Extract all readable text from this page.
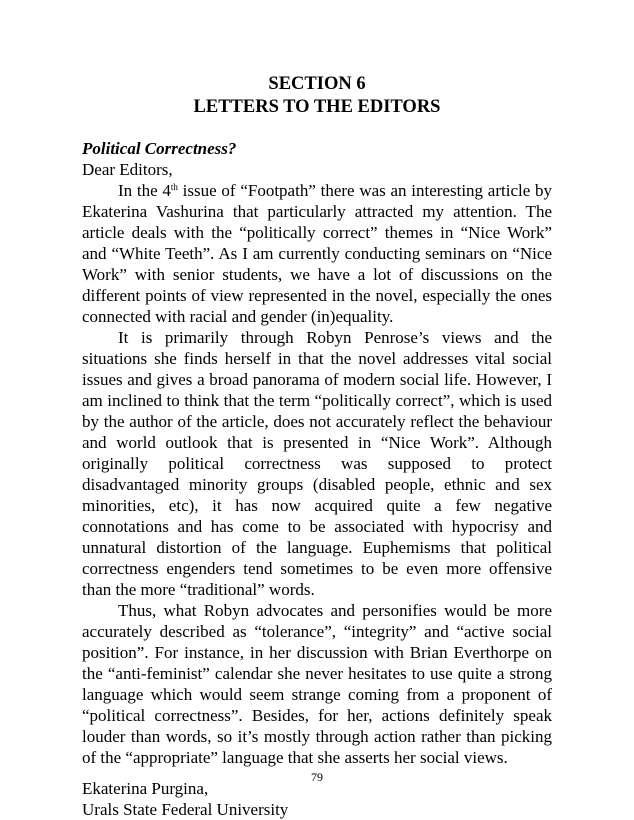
SECTION 6
LETTERS TO THE EDITORS

Political Correctness?

Dear Editors,

In the 4th issue of “Footpath” there was an interesting article by Ekaterina Vashurina that particularly attracted my attention. The article deals with the “politically correct” themes in “Nice Work” and “White Teeth”. As I am currently conducting seminars on “Nice Work” with senior students, we have a lot of discussions on the different points of view represented in the novel, especially the ones connected with racial and gender (in)equality.

It is primarily through Robyn Penrose’s views and the situations she finds herself in that the novel addresses vital social issues and gives a broad panorama of modern social life. However, I am inclined to think that the term “politically correct”, which is used by the author of the article, does not accurately reflect the behaviour and world outlook that is presented in “Nice Work”. Although originally political correctness was supposed to protect disadvantaged minority groups (disabled people, ethnic and sex minorities, etc), it has now acquired quite a few negative connotations and has come to be associated with hypocrisy and unnatural distortion of the language. Euphemisms that political correctness engenders tend sometimes to be even more offensive than the more “traditional” words.

Thus, what Robyn advocates and personifies would be more accurately described as “tolerance”, “integrity” and “active social position”. For instance, in her discussion with Brian Everthorpe on the “anti-feminist” calendar she never hesitates to use quite a strong language which would seem strange coming from a proponent of “political correctness”. Besides, for her, actions definitely speak louder than words, so it’s mostly through action rather than picking of the “appropriate” language that she asserts her social views.

Ekaterina Purgina,

Urals State Federal University

79
